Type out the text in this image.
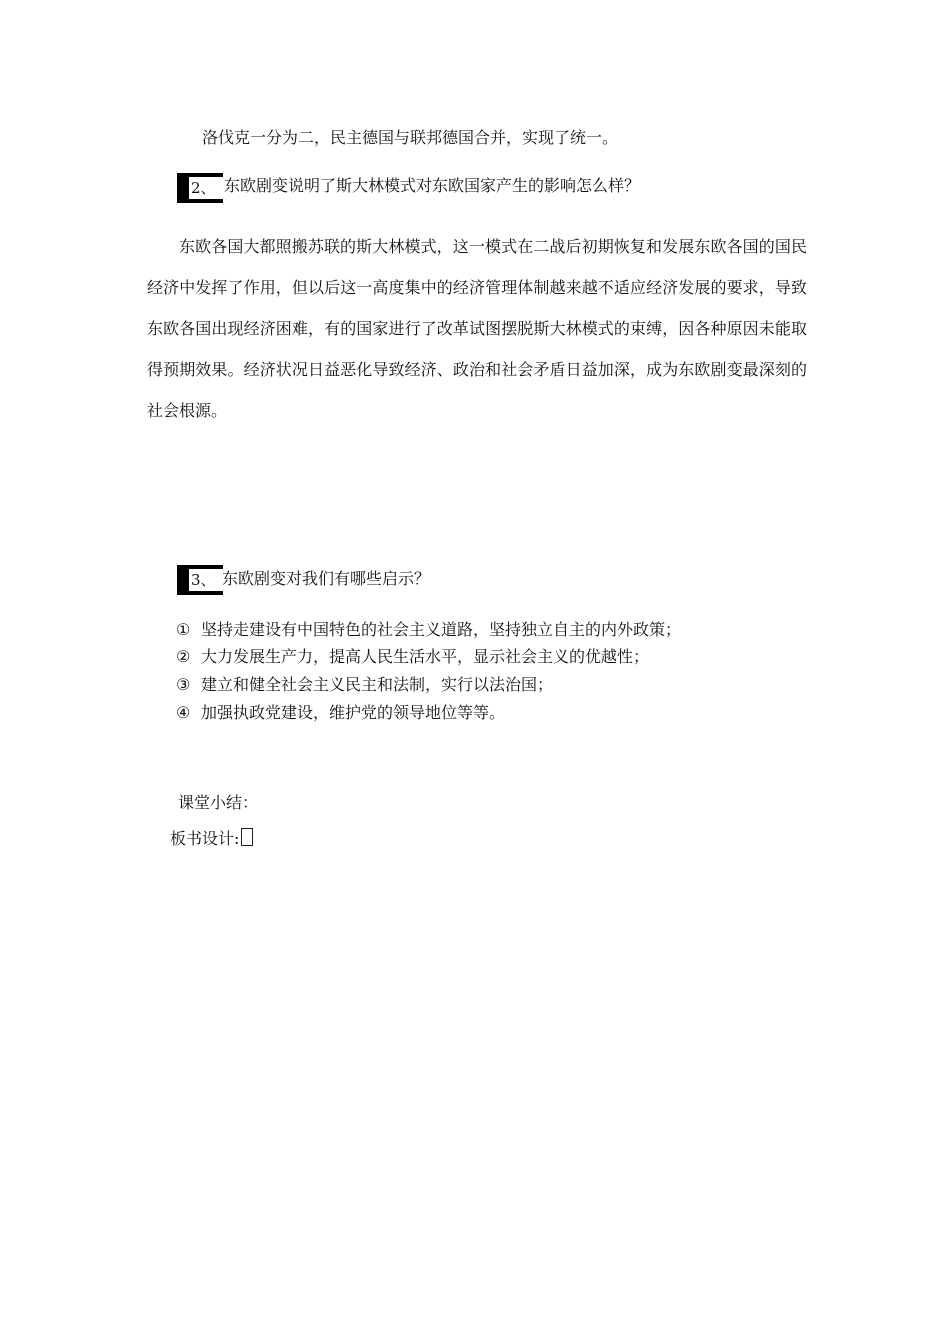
洛伐克一分为二，民主德国与联邦德国合并，实现了统一。
2、 东欧剧变说明了斯大林模式对东欧国家产生的影响怎么样？
东欧各国大都照搬苏联的斯大林模式，这一模式在二战后初期恢复和发展东欧各国的国民经济中发挥了作用，但以后这一高度集中的经济管理体制越来越不适应经济发展的要求，导致东欧各国出现经济困难，有的国家进行了改革试图摆脱斯大林模式的束缚，因各种原因未能取得预期效果。经济状况日益恶化导致经济、政治和社会矛盾日益加深，成为东欧剧变最深刻的社会根源。
3、 东欧剧变对我们有哪些启示？
① 坚持走建设有中国特色的社会主义道路，坚持独立自主的内外政策；
② 大力发展生产力，提高人民生活水平，显示社会主义的优越性；
③ 建立和健全社会主义民主和法制，实行以法治国；
④ 加强执政党建设，维护党的领导地位等等。
课堂小结：
板书设计:
